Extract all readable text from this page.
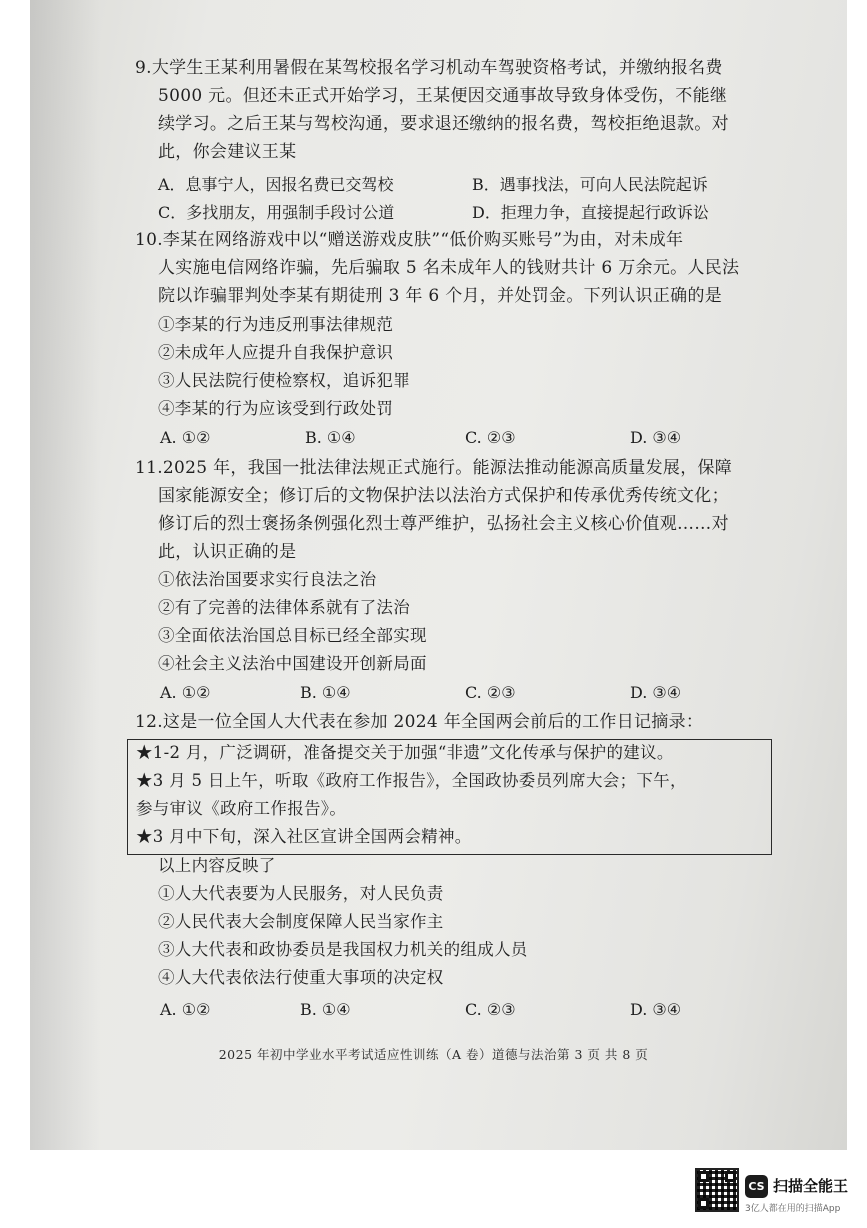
9.大学生王某利用暑假在某驾校报名学习机动车驾驶资格考试，并缴纳报名费
5000 元。但还未正式开始学习，王某便因交通事故导致身体受伤，不能继
续学习。之后王某与驾校沟通，要求退还缴纳的报名费，驾校拒绝退款。对
此，你会建议王某
A．息事宁人，因报名费已交驾校	B．遇事找法，可向人民法院起诉
C．多找朋友，用强制手段讨公道	D．拒理力争，直接提起行政诉讼
10.李某在网络游戏中以“赠送游戏皮肤”“低价购买账号”为由，对未成年
人实施电信网络诈骗，先后骗取 5 名未成年人的钱财共计 6 万余元。人民法
院以诈骗罪判处李某有期徒刑 3 年 6 个月，并处罚金。下列认识正确的是
①李某的行为违反刑事法律规范
②未成年人应提升自我保护意识
③人民法院行使检察权，追诉犯罪
④李某的行为应该受到行政处罚
A. ①②	B. ①④	C. ②③	D. ③④
11.2025 年，我国一批法律法规正式施行。能源法推动能源高质量发展，保障
国家能源安全；修订后的文物保护法以法治方式保护和传承优秀传统文化；
修订后的烈士褒扬条例强化烈士尊严维护，弘扬社会主义核心价值观……对
此，认识正确的是
①依法治国要求实行良法之治
②有了完善的法律体系就有了法治
③全面依法治国总目标已经全部实现
④社会主义法治中国建设开创新局面
A. ①②	B. ①④	C. ②③	D. ③④
12.这是一位全国人大代表在参加 2024 年全国两会前后的工作日记摘录：
★1-2 月，广泛调研，准备提交关于加强“非遗”文化传承与保护的建议。
★3 月 5 日上午，听取《政府工作报告》，全国政协委员列席大会；下午，
参与审议《政府工作报告》。
★3 月中下旬，深入社区宣讲全国两会精神。
以上内容反映了
①人大代表要为人民服务，对人民负责
②人民代表大会制度保障人民当家作主
③人大代表和政协委员是我国权力机关的组成人员
④人大代表依法行使重大事项的决定权
A. ①②	B. ①④	C. ②③	D. ③④
2025 年初中学业水平考试适应性训练（A 卷）道德与法治第 3 页 共 8 页
CS 扫描全能王
3亿人都在用的扫描App
